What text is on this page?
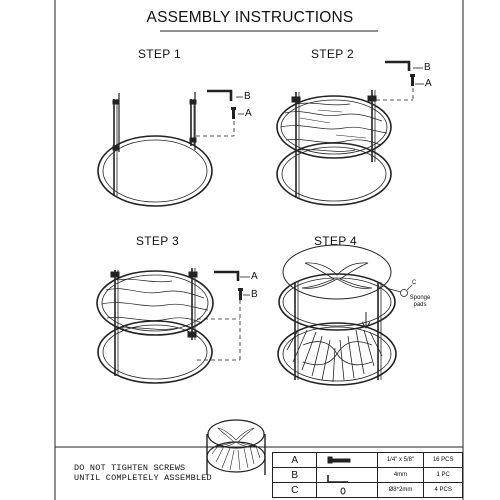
ASSEMBLY INSTRUCTIONS
STEP 1	STEP 2
STEP 3	STEP 4
B
A
B
A
A
B
C
Sponge pads
DO NOT TIGHTEN SCREWS
UNTIL COMPLETELY ASSEMBLED
A		1/4" x 5/8"	16 PCS
B		4mm	1 PC
C		Ø8*2mm	4 PCS
